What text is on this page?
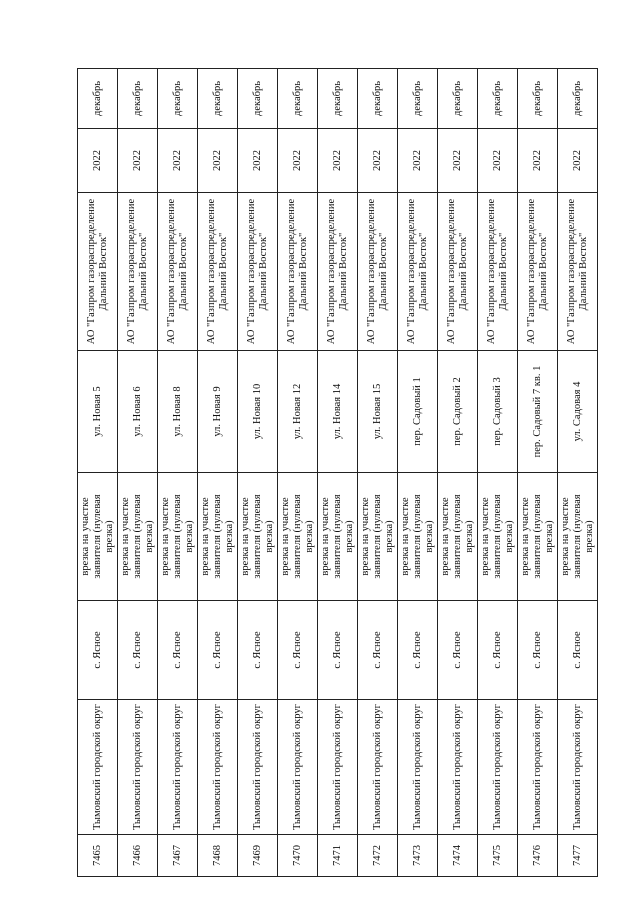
7465	Тымовский городской округ	с. Ясное	врезка на участке заявителя (нулевая врезка)	ул. Новая 5	АО "Газпром газораспределение Дальний Восток"	2022	декабрь
7466	Тымовский городской округ	с. Ясное	врезка на участке заявителя (нулевая врезка)	ул. Новая 6	АО "Газпром газораспределение Дальний Восток"	2022	декабрь
7467	Тымовский городской округ	с. Ясное	врезка на участке заявителя (нулевая врезка)	ул. Новая 8	АО "Газпром газораспределение Дальний Восток"	2022	декабрь
7468	Тымовский городской округ	с. Ясное	врезка на участке заявителя (нулевая врезка)	ул. Новая 9	АО "Газпром газораспределение Дальний Восток"	2022	декабрь
7469	Тымовский городской округ	с. Ясное	врезка на участке заявителя (нулевая врезка)	ул. Новая 10	АО "Газпром газораспределение Дальний Восток"	2022	декабрь
7470	Тымовский городской округ	с. Ясное	врезка на участке заявителя (нулевая врезка)	ул. Новая 12	АО "Газпром газораспределение Дальний Восток"	2022	декабрь
7471	Тымовский городской округ	с. Ясное	врезка на участке заявителя (нулевая врезка)	ул. Новая 14	АО "Газпром газораспределение Дальний Восток"	2022	декабрь
7472	Тымовский городской округ	с. Ясное	врезка на участке заявителя (нулевая врезка)	ул. Новая 15	АО "Газпром газораспределение Дальний Восток"	2022	декабрь
7473	Тымовский городской округ	с. Ясное	врезка на участке заявителя (нулевая врезка)	пер. Садовый 1	АО "Газпром газораспределение Дальний Восток"	2022	декабрь
7474	Тымовский городской округ	с. Ясное	врезка на участке заявителя (нулевая врезка)	пер. Садовый 2	АО "Газпром газораспределение Дальний Восток"	2022	декабрь
7475	Тымовский городской округ	с. Ясное	врезка на участке заявителя (нулевая врезка)	пер. Садовый 3	АО "Газпром газораспределение Дальний Восток"	2022	декабрь
7476	Тымовский городской округ	с. Ясное	врезка на участке заявителя (нулевая врезка)	пер. Садовый 7 кв. 1	АО "Газпром газораспределение Дальний Восток"	2022	декабрь
7477	Тымовский городской округ	с. Ясное	врезка на участке заявителя (нулевая врезка)	ул. Садовая 4	АО "Газпром газораспределение Дальний Восток"	2022	декабрь
